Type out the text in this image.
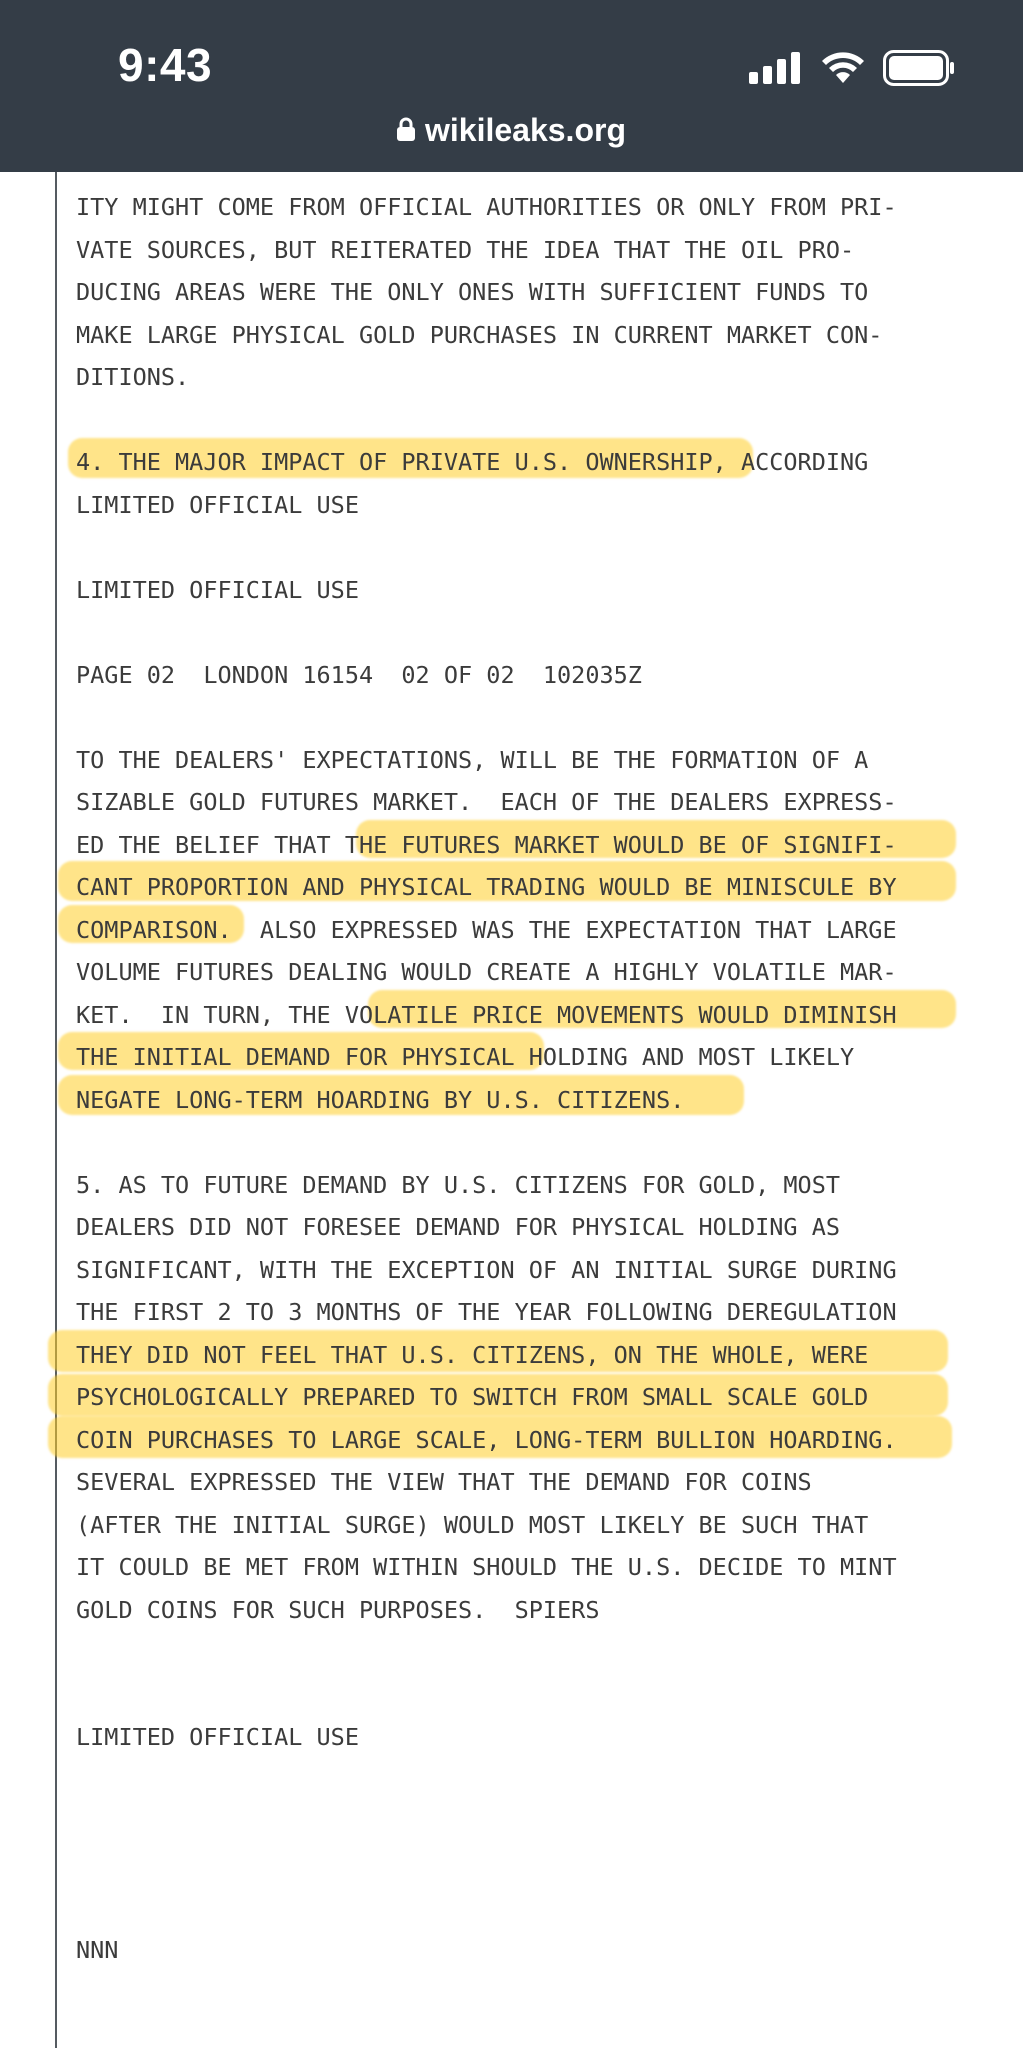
9:43
wikileaks.org
ITY MIGHT COME FROM OFFICIAL AUTHORITIES OR ONLY FROM PRI-
VATE SOURCES, BUT REITERATED THE IDEA THAT THE OIL PRO-
DUCING AREAS WERE THE ONLY ONES WITH SUFFICIENT FUNDS TO
MAKE LARGE PHYSICAL GOLD PURCHASES IN CURRENT MARKET CON-
DITIONS.
4. THE MAJOR IMPACT OF PRIVATE U.S. OWNERSHIP, ACCORDING
LIMITED OFFICIAL USE
LIMITED OFFICIAL USE
PAGE 02  LONDON 16154  02 OF 02  102035Z
TO THE DEALERS' EXPECTATIONS, WILL BE THE FORMATION OF A
SIZABLE GOLD FUTURES MARKET.  EACH OF THE DEALERS EXPRESS-
ED THE BELIEF THAT THE FUTURES MARKET WOULD BE OF SIGNIFI-
CANT PROPORTION AND PHYSICAL TRADING WOULD BE MINISCULE BY
COMPARISON.  ALSO EXPRESSED WAS THE EXPECTATION THAT LARGE
VOLUME FUTURES DEALING WOULD CREATE A HIGHLY VOLATILE MAR-
KET.  IN TURN, THE VOLATILE PRICE MOVEMENTS WOULD DIMINISH
THE INITIAL DEMAND FOR PHYSICAL HOLDING AND MOST LIKELY
NEGATE LONG-TERM HOARDING BY U.S. CITIZENS.
5. AS TO FUTURE DEMAND BY U.S. CITIZENS FOR GOLD, MOST
DEALERS DID NOT FORESEE DEMAND FOR PHYSICAL HOLDING AS
SIGNIFICANT, WITH THE EXCEPTION OF AN INITIAL SURGE DURING
THE FIRST 2 TO 3 MONTHS OF THE YEAR FOLLOWING DEREGULATION
THEY DID NOT FEEL THAT U.S. CITIZENS, ON THE WHOLE, WERE
PSYCHOLOGICALLY PREPARED TO SWITCH FROM SMALL SCALE GOLD
COIN PURCHASES TO LARGE SCALE, LONG-TERM BULLION HOARDING.
SEVERAL EXPRESSED THE VIEW THAT THE DEMAND FOR COINS
(AFTER THE INITIAL SURGE) WOULD MOST LIKELY BE SUCH THAT
IT COULD BE MET FROM WITHIN SHOULD THE U.S. DECIDE TO MINT
GOLD COINS FOR SUCH PURPOSES.  SPIERS
LIMITED OFFICIAL USE
NNN
